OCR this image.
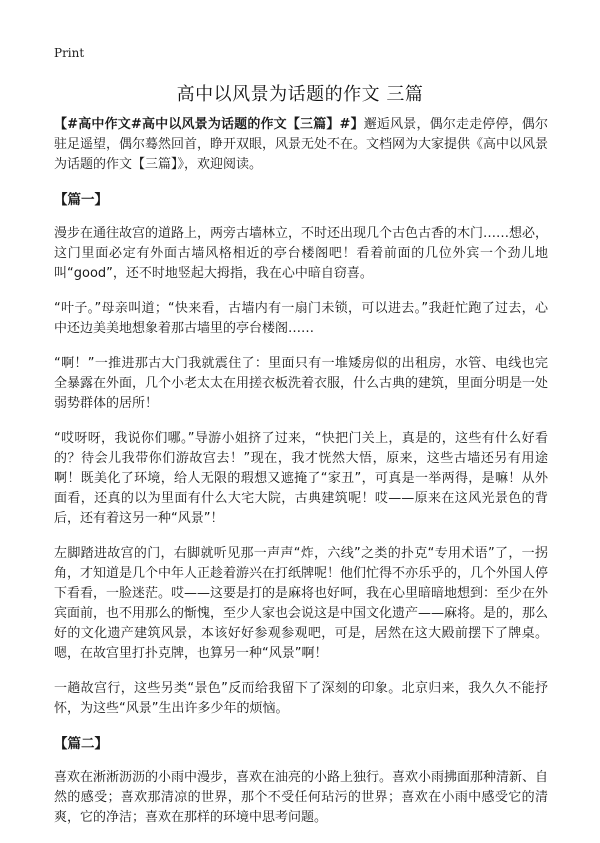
Print
高中以风景为话题的作文 三篇

【#高中作文#高中以风景为话题的作文【三篇】#】邂逅风景，偶尔走走停停，偶尔驻足遥望，偶尔蓦然回首，睁开双眼，风景无处不在。文档网为大家提供《高中以风景为话题的作文【三篇】》，欢迎阅读。

【篇一】

漫步在通往故宫的道路上，两旁古墙林立，不时还出现几个古色古香的木门……想必，这门里面必定有外面古墙风格相近的亭台楼阁吧！看着前面的几位外宾一个劲儿地叫“good”，还不时地竖起大拇指，我在心中暗自窃喜。

“叶子。”母亲叫道；“快来看，古墙内有一扇门未锁，可以进去。”我赶忙跑了过去，心中还边美美地想象着那古墙里的亭台楼阁……

“啊！”一推进那古大门我就震住了：里面只有一堆矮房似的出租房，水管、电线也完全暴露在外面，几个小老太太在用搓衣板洗着衣服，什么古典的建筑，里面分明是一处弱势群体的居所！

“哎呀呀，我说你们哪。”导游小姐挤了过来，“快把门关上，真是的，这些有什么好看的？待会儿我带你们游故宫去！”现在，我才恍然大悟，原来，这些古墙还另有用途啊！既美化了环境，给人无限的瑕想又遮掩了“家丑”，可真是一举两得，是嘛！从外面看，还真的以为里面有什么大宅大院，古典建筑呢！哎——原来在这风光景色的背后，还有着这另一种“风景”！

左脚踏进故宫的门，右脚就听见那一声声“炸，六线”之类的扑克“专用术语”了，一拐角，才知道是几个中年人正趁着游兴在打纸牌呢！他们忙得不亦乐乎的，几个外国人停下看看，一脸迷茫。哎——这要是打的是麻将也好呵，我在心里暗暗地想到：至少在外宾面前，也不用那么的惭愧，至少人家也会说这是中国文化遗产——麻将。是的，那么好的文化遗产建筑风景，本该好好参观参观吧，可是，居然在这大殿前摆下了牌桌。嗯，在故宫里打扑克牌，也算另一种“风景”啊！

一趟故宫行，这些另类“景色”反而给我留下了深刻的印象。北京归来，我久久不能抒怀，为这些“风景”生出许多少年的烦恼。

【篇二】

喜欢在淅淅沥沥的小雨中漫步，喜欢在油亮的小路上独行。喜欢小雨拂面那种清新、自然的感受；喜欢那清凉的世界，那个不受任何玷污的世界；喜欢在小雨中感受它的清爽，它的净洁；喜欢在那样的环境中思考问题。
